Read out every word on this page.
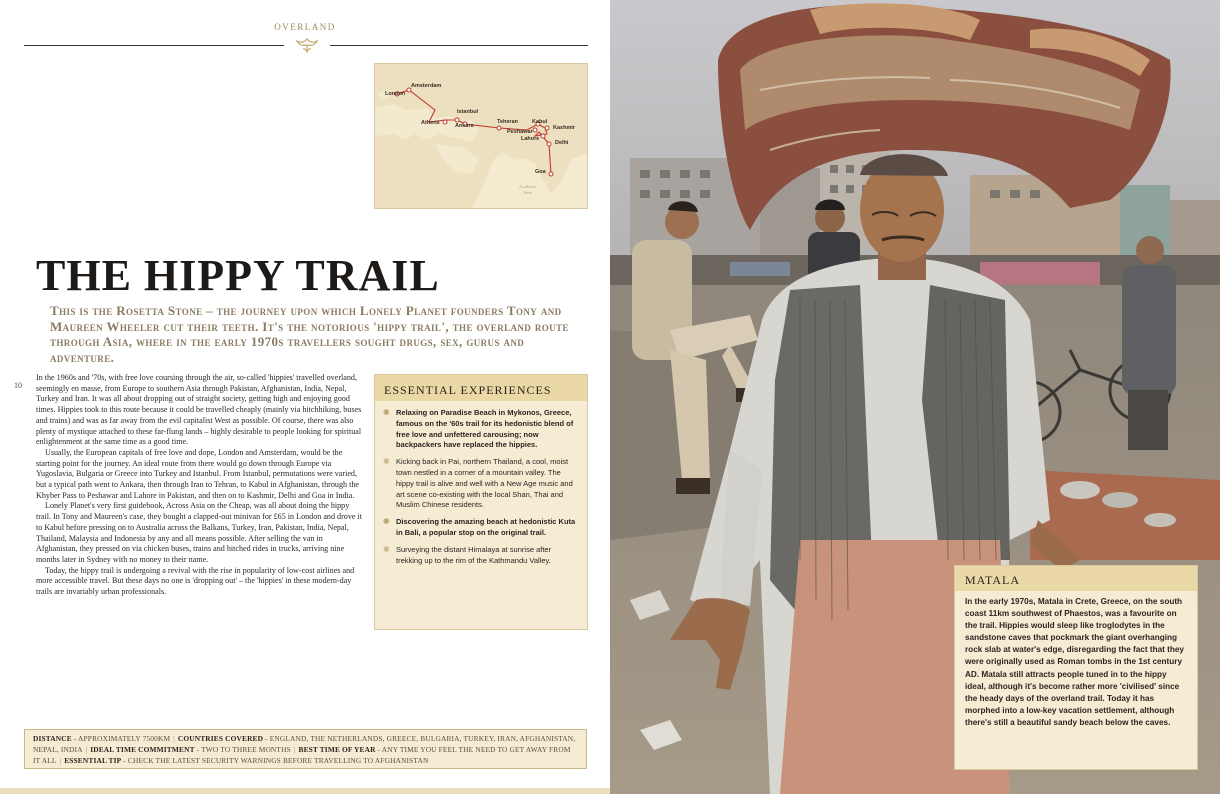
OVERLAND
London
Amsterdam
Istanbul
Athens	Ankara
Teheran	Kabul
Peshawar
Kashmir
Lahore
Delhi
Goa
Arabian
Sea
THE HIPPY TRAIL
This is the Rosetta Stone – the journey upon which Lonely Planet founders Tony and Maureen Wheeler cut their teeth. It's the notorious 'hippy trail', the overland route through Asia, where in the early 1970s travellers sought drugs, sex, gurus and adventure.
10

In the 1960s and '70s, with free love coursing through the air, so-called 'hippies' travelled overland, seemingly en masse, from Europe to southern Asia through Pakistan, Afghanistan, India, Nepal, Turkey and Iran. It was all about dropping out of straight society, getting high and enjoying good times. Hippies took to this route because it could be travelled cheaply (mainly via hitchhiking, buses and trains) and was as far away from the evil capitalist West as possible. Of course, there was also plenty of mystique attached to these far-flung lands – highly desirable to people looking for spiritual enlightenment at the same time as a good time.

Usually, the European capitals of free love and dope, London and Amsterdam, would be the starting point for the journey. An ideal route from there would go down through Europe via Yugoslavia, Bulgaria or Greece into Turkey and Istanbul. From Istanbul, permutations were varied, but a typical path went to Ankara, then through Iran to Tehran, to Kabul in Afghanistan, through the Khyber Pass to Peshawar and Lahore in Pakistan, and then on to Kashmir, Delhi and Goa in India.

Lonely Planet's very first guidebook, Across Asia on the Cheap, was all about doing the hippy trail. In Tony and Maureen's case, they bought a clapped-out minivan for £65 in London and drove it to Kabul before pressing on to Australia across the Balkans, Turkey, Iran, Pakistan, India, Nepal, Thailand, Malaysia and Indonesia by any and all means possible. After selling the van in Afghanistan, they pressed on via chicken buses, trains and hitched rides in trucks, arriving nine months later in Sydney with no money to their name.

Today, the hippy trail is undergoing a revival with the rise in popularity of low-cost airlines and more accessible travel. But these days no one is 'dropping out' – the 'hippies' in these modern-day trails are invariably urban professionals.

ESSENTIAL EXPERIENCES
❋ Relaxing on Paradise Beach in Mykonos, Greece, famous on the '60s trail for its hedonistic blend of free love and unfettered carousing; now backpackers have replaced the hippies.
❋ Kicking back in Pai, northern Thailand, a cool, moist town nestled in a corner of a mountain valley. The hippy trail is alive and well with a New Age music and art scene co-existing with the local Shan, Thai and Muslim Chinese residents.
❋ Discovering the amazing beach at hedonistic Kuta in Bali, a popular stop on the original trail.
❋ Surveying the distant Himalaya at sunrise after trekking up to the rim of the Kathmandu Valley.
DISTANCE - APPROXIMATELY 7500KM | COUNTRIES COVERED - ENGLAND, THE NETHERLANDS, GREECE, BULGARIA, TURKEY, IRAN, AFGHANISTAN, NEPAL, INDIA | IDEAL TIME COMMITMENT - TWO TO THREE MONTHS | BEST TIME OF YEAR - ANY TIME YOU FEEL THE NEED TO GET AWAY FROM IT ALL | ESSENTIAL TIP - CHECK THE LATEST SECURITY WARNINGS BEFORE TRAVELLING TO AFGHANISTAN
MATALA
In the early 1970s, Matala in Crete, Greece, on the south coast 11km southwest of Phaestos, was a favourite on the trail. Hippies would sleep like troglodytes in the sandstone caves that pockmark the giant overhanging rock slab at water's edge, disregarding the fact that they were originally used as Roman tombs in the 1st century AD. Matala still attracts people tuned in to the hippy ideal, although it's become rather more 'civilised' since the heady days of the overland trail. Today it has morphed into a low-key vacation settlement, although there's still a beautiful sandy beach below the caves.
